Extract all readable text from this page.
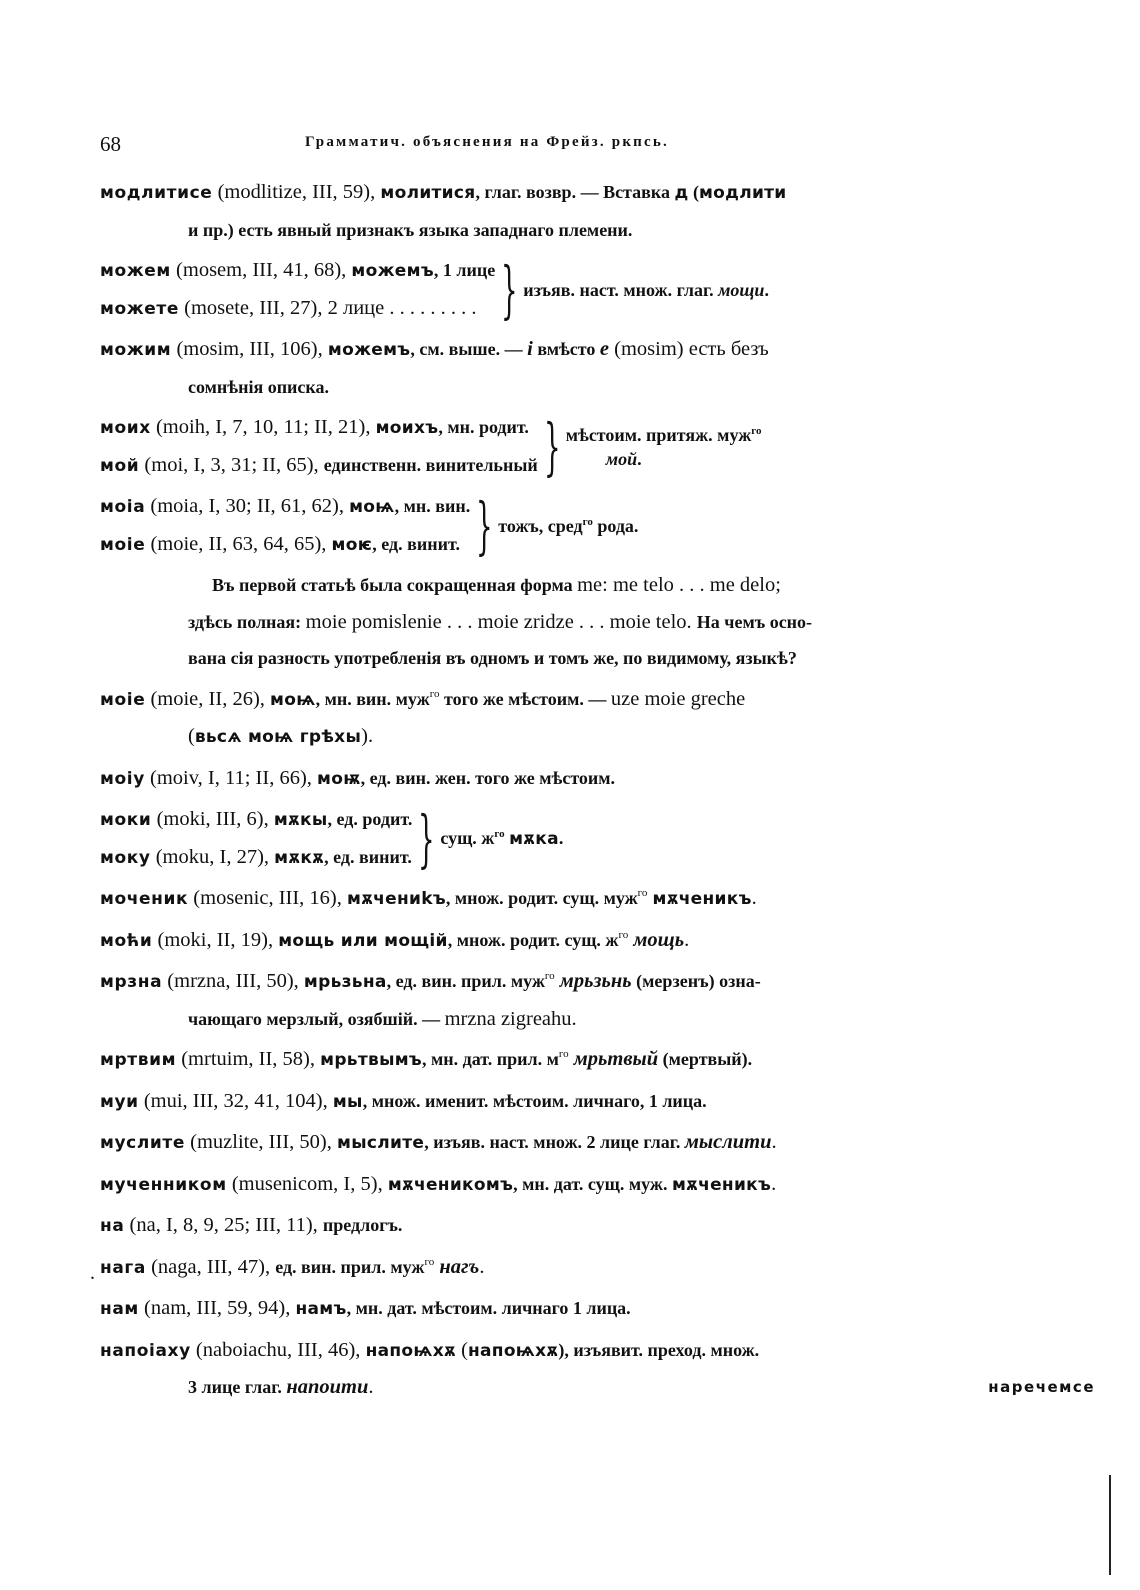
68	Грамматич. объяснения на Фрейз. ркпсь.
модлитисе (modlitize, III, 59), молитися, глаг. возвр. — Вставка д (модлити
и пр.) есть явный признакъ языка западнаго племени.
можем (mosem, III, 41, 68), можемъ, 1 лице
можете (mosete, III, 27), 2 лице . . . . . . . . . } изъяв. наст. множ. глаг. мощи.
можим (mosim, III, 106), можемъ, см. выше. — i вмѣсто e (mosim) есть безъ
сомнѣнія описка.
моих (moih, I, 7, 10, 11; II, 21), моихъ, мн. родит.
мой (moi, I, 3, 31; II, 65), единственн. винительный } мѣстоим. притяж. муж$^{го}$
мой.
моіа (moia, I, 30; II, 61, 62), моѩ, мн. вин.
моіе (moie, II, 63, 64, 65), моѥ, ед. винит. } тожъ, сред$^{го}$ рода.
Въ первой статьѣ была сокращенная форма me: me telo . . . me delo;
здѣсь полная: moie pomislenie . . . moie zridze . . . moie telo. На чемъ осно-
вана сія разность употребленія въ одномъ и томъ же, по видимому, языкѣ?
моіе (moie, II, 26), моѩ, мн. вин. муж$^{го}$ того же мѣстоим. — uze moie greche
(вьсѧ моѩ грѣхы).
моіу (moiv, I, 11; II, 66), моѭ, ед. вин. жен. того же мѣстоим.
моки (moki, III, 6), мѫкы, ед. родит.
моку (moku, I, 27), мѫкѫ, ед. винит. } сущ. $ж^{го}$ мѫка.
моченик (mosenic, III, 16), мѫчениkъ, множ. родит. сущ. муж$^{го}$ мѫченикъ.
моћи (moki, II, 19), мощь или мощій, множ. родит. сущ. $ж^{го}$ мощь.
мрзна (mrzna, III, 50), мрьзьна, ед. вин. прил. муж$^{го}$ мрьзьнь (мерзенъ) озна-
чающаго мерзлый, озябшій. — mrzna zigreahu.
мртвим (mrtuim, II, 58), мрьтвымъ, мн. дат. прил. $м^{го}$ мрьтвый (мертвый).
муи (mui, III, 32, 41, 104), мы, множ. именит. мѣстоим. личнаго, 1 лица.
муслите (muzlite, III, 50), мыслите, изъяв. наст. множ. 2 лице глаг. мыслити.
мученником (musenicom, I, 5), мѫченикомъ, мн. дат. сущ. муж. мѫченикъ.
на (na, I, 8, 9, 25; III, 11), предлогъ.
нага (naga, III, 47), ед. вин. прил. муж$^{го}$ нагъ.
нам (nam, III, 59, 94), намъ, мн. дат. мѣстоим. личнаго 1 лица.
напоіаху (naboiachu, III, 46), напоѩхѫ (напоѩхѫ), изъявит. преход. множ.
3 лице глаг. напоити.
.
наречемсе
